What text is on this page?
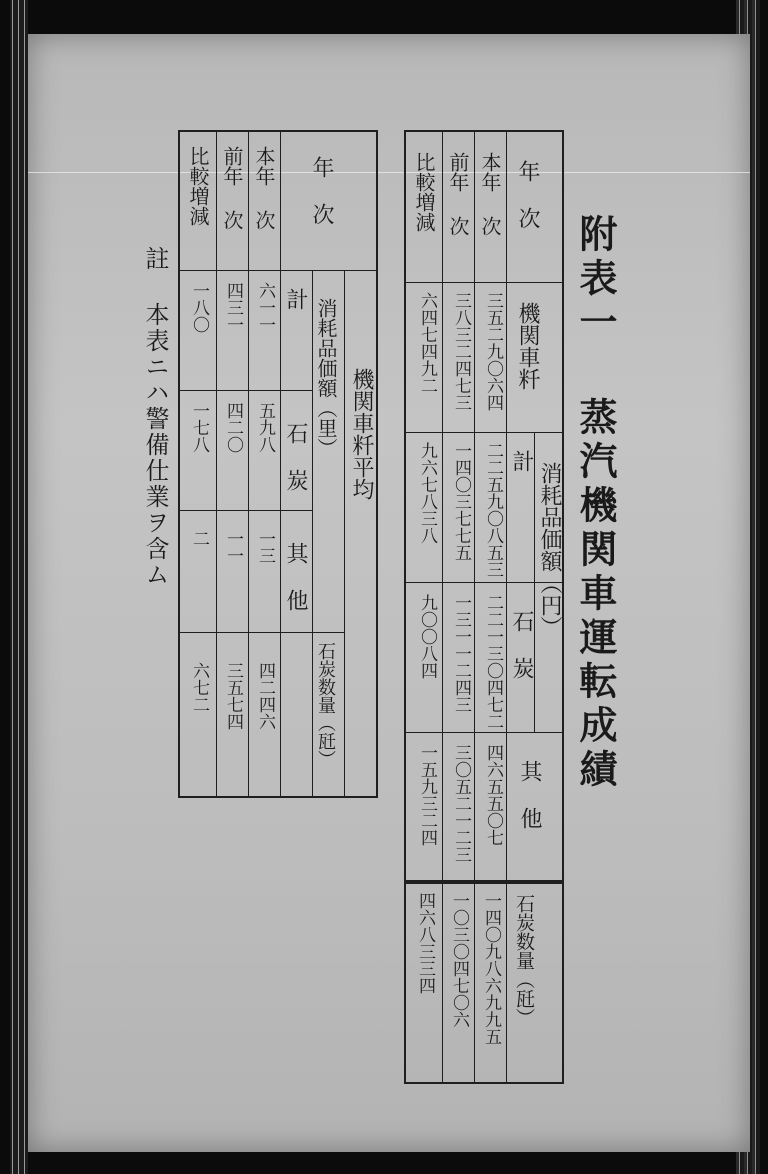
附表一 蒸汽機関車運転成績
註 本表ニハ警備仕業ヲ含ム
年 次
本年 次
前年 次
比較増減
機関車粁
三五二九〇六四
三八三二四七三
六四七四九二
消耗品価額（円）
計
二二五九〇八五三
一四〇三七七五
九六七八三八
石 炭
二二一三〇四七二
一三一一二四三
九〇〇八四
其 他
四六五五〇七
三〇五二一二三
一五九三二四
石炭数量（瓩）
一四〇九八六九九五
一〇三〇四七〇六
四六八三三四
年 次
本年 次
前年 次
比較増減
機関車粁平均
消耗品価額（里）
計
六一一
四三一
一八〇
石 炭
五九八
四二〇
一七八
其 他
一三
一一
二
石炭数量（瓩）
四二四六
三五七四
六七二
